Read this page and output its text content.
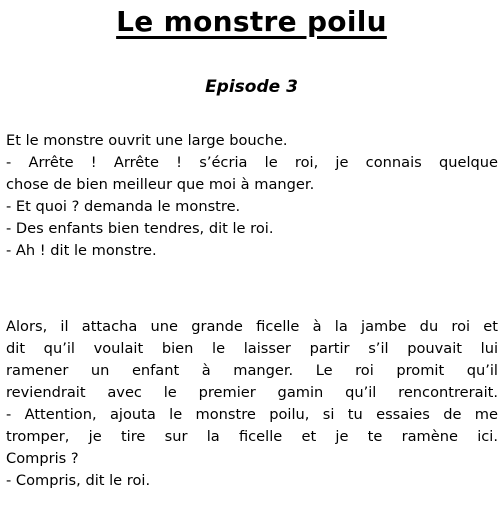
Le monstre poilu
Episode 3
Et le monstre ouvrit une large bouche.
- Arrête ! Arrête ! s’écria le roi, je connais quelque
chose de bien meilleur que moi à manger.
- Et quoi ? demanda le monstre.
- Des enfants bien tendres, dit le roi.
- Ah ! dit le monstre.
Alors, il attacha une grande ficelle à la jambe du roi et
dit qu’il voulait bien le laisser partir s’il pouvait lui
ramener un enfant à manger. Le roi promit qu’il
reviendrait avec le premier gamin qu’il rencontrerait.
- Attention, ajouta le monstre poilu, si tu essaies de me
tromper, je tire sur la ficelle et je te ramène ici.
Compris ?
- Compris, dit le roi.
